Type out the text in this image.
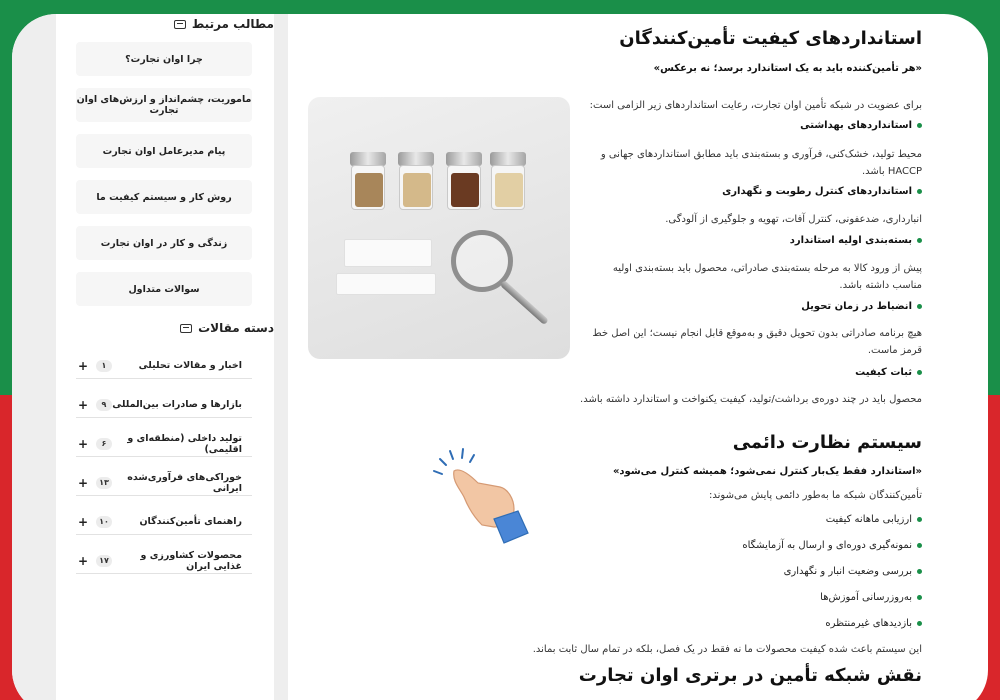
مطالب مرتبط
چرا اوان تجارت؟
ماموریت، چشم‌انداز و ارزش‌های اوان تجارت
پیام مدیرعامل اوان تجارت
روش کار و سیستم کیفیت ما
زندگی و کار در اوان تجارت
سوالات متداول
دسته مقالات
اخبار و مقالات تحلیلی
۱
+
بازارها و صادرات بین‌المللی
۹
+
تولید داخلی (منطقه‌ای و اقلیمی)
۶
+
خوراکی‌های فرآوری‌شده ایرانی
۱۳
+
راهنمای تأمین‌کنندگان
۱۰
+
محصولات کشاورزی و غذایی ایران
۱۷
+
استانداردهای کیفیت تأمین‌کنندگان
«هر تأمین‌کننده باید به یک استاندارد برسد؛ نه برعکس»
برای عضویت در شبکه تأمین اوان تجارت، رعایت استانداردهای زیر الزامی است:
استانداردهای بهداشتی
محیط تولید، خشک‌کنی، فرآوری و بسته‌بندی باید مطابق استانداردهای جهانی و HACCP باشد.
استانداردهای کنترل رطوبت و نگهداری
انبارداری، ضدعفونی، کنترل آفات، تهویه و جلوگیری از آلودگی.
بسته‌بندی اولیه استاندارد
پیش از ورود کالا به مرحله بسته‌بندی صادراتی، محصول باید بسته‌بندی اولیه مناسب داشته باشد.
انضباط در زمان تحویل
هیچ برنامه صادراتی بدون تحویل دقیق و به‌موقع قابل انجام نیست؛ این اصل خط قرمز ماست.
ثبات کیفیت
محصول باید در چند دوره‌ی برداشت/تولید، کیفیت یکنواخت و استاندارد داشته باشد.
سیستم نظارت دائمی
«استاندارد فقط یک‌بار کنترل نمی‌شود؛ همیشه کنترل می‌شود»
تأمین‌کنندگان شبکه ما به‌طور دائمی پایش می‌شوند:
ارزیابی ماهانه کیفیت
نمونه‌گیری دوره‌ای و ارسال به آزمایشگاه
بررسی وضعیت انبار و نگهداری
به‌روزرسانی آموزش‌ها
بازدیدهای غیرمنتظره
این سیستم باعث شده کیفیت محصولات ما نه فقط در یک فصل، بلکه در تمام سال ثابت بماند.
نقش شبکه تأمین در برتری اوان تجارت
